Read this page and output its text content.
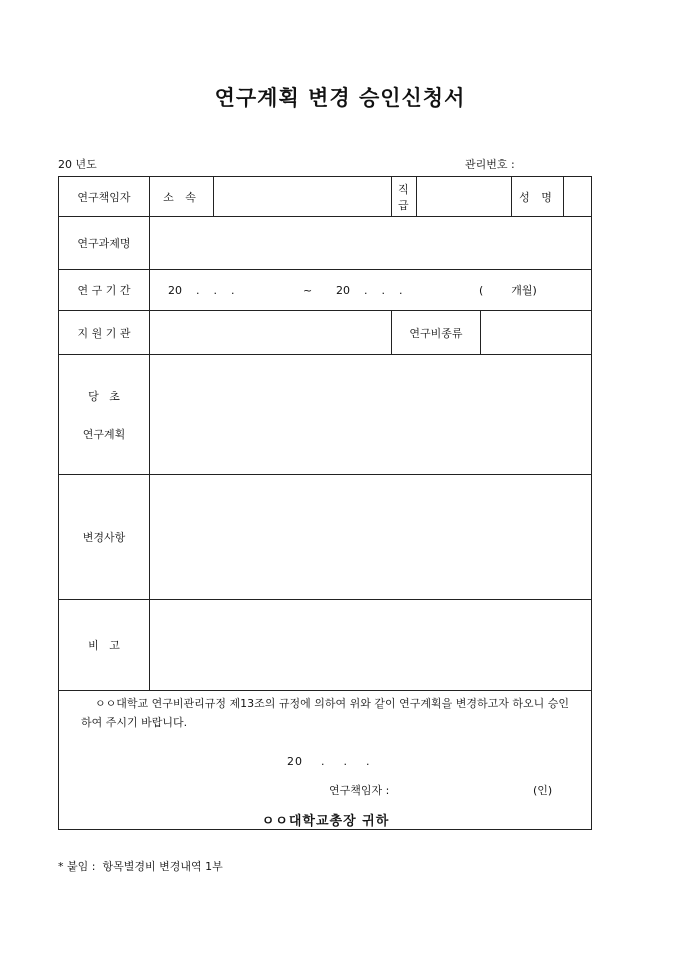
연구계획 변경 승인신청서
20 년도	관리번호 :
연구책임자	소 속		직 급			성 명	
연구과제명							
연 구 기 간	20    .    .    . ~ 20    .    .    . (        개월)						
지 원 기 관			연구비종류				

당   초
연구계획							

변경사항							
비   고							

ㅇㅇ대학교 연구비관리규정 제13조의 규정에 의하여 위와 같이 연구계획을 변경하고자 하오니 승인하여 주시기 바랍니다.
20    .    .    .
연구책임자 : (인)
ㅇㅇ대학교총장 귀하							
* 붙임 :  항목별경비 변경내역 1부
